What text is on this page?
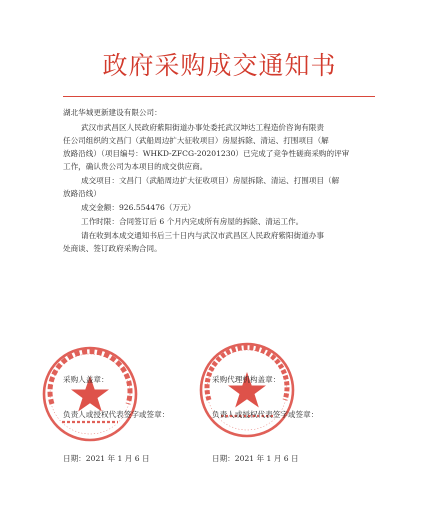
政府采购成交通知书
湖北华城更新建设有限公司：
武汉市武昌区人民政府紫阳街道办事处委托武汉坤达工程造价咨询有限责
任公司组织的文昌门（武船周边扩大征收项目）房屋拆除、清运、打围项目（解
放路沿线）（项目编号：WHKD-ZFCG-20201230）已完成了竞争性磋商采购的评审
工作，确认贵公司为本项目的成交供应商。
成交项目：文昌门（武船周边扩大征收项目）房屋拆除、清运、打围项目（解
放路沿线）
成交金额：926.554476（万元）
工作时限：合同签订后 6 个月内完成所有房屋的拆除、清运工作。
请在收到本成交通知书后三十日内与武汉市武昌区人民政府紫阳街道办事
处商谈、签订政府采购合同。
采购人盖章：
负责人或授权代表签字或签章：
日期：2021 年 1 月 6 日
采购代理机构盖章：
负责人或授权代表签字或签章：
日期：2021 年 1 月 6 日
